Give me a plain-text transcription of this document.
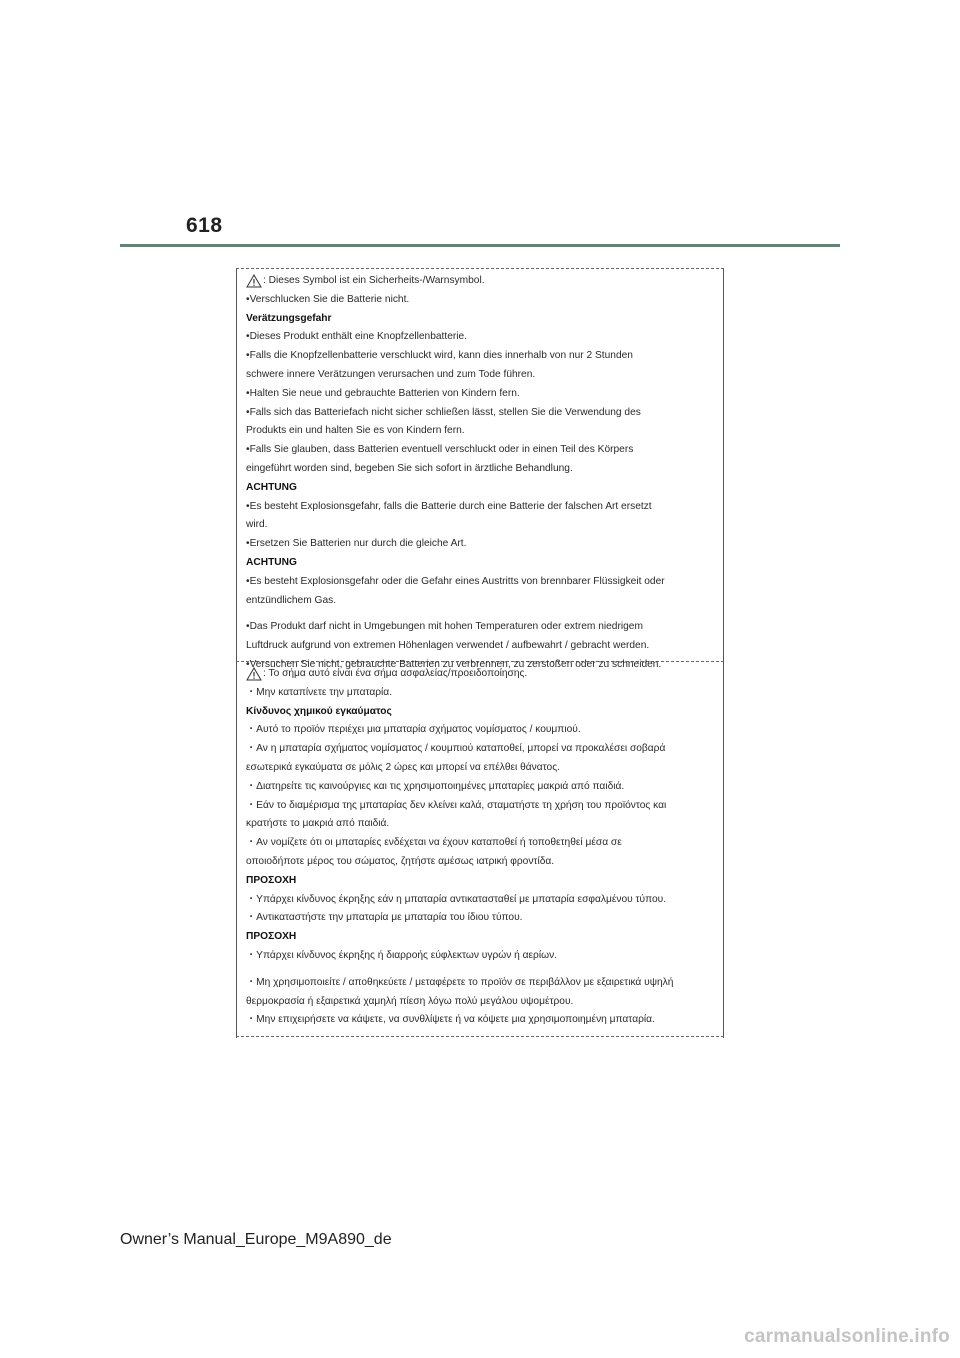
618
: Dieses Symbol ist ein Sicherheits-/Warnsymbol.
•Verschlucken Sie die Batterie nicht.
Verätzungsgefahr
•Dieses Produkt enthält eine Knopfzellenbatterie.
•Falls die Knopfzellenbatterie verschluckt wird, kann dies innerhalb von nur 2 Stunden
schwere innere Verätzungen verursachen und zum Tode führen.
•Halten Sie neue und gebrauchte Batterien von Kindern fern.
•Falls sich das Batteriefach nicht sicher schließen lässt, stellen Sie die Verwendung des
Produkts ein und halten Sie es von Kindern fern.
•Falls Sie glauben, dass Batterien eventuell verschluckt oder in einen Teil des Körpers
eingeführt worden sind, begeben Sie sich sofort in ärztliche Behandlung.
ACHTUNG
•Es besteht Explosionsgefahr, falls die Batterie durch eine Batterie der falschen Art ersetzt
wird.
•Ersetzen Sie Batterien nur durch die gleiche Art.
ACHTUNG
•Es besteht Explosionsgefahr oder die Gefahr eines Austritts von brennbarer Flüssigkeit oder
entzündlichem Gas.
•Das Produkt darf nicht in Umgebungen mit hohen Temperaturen oder extrem niedrigem
Luftdruck aufgrund von extremen Höhenlagen verwendet / aufbewahrt / gebracht werden.
•Versuchen Sie nicht, gebrauchte Batterien zu verbrennen, zu zerstoßen oder zu schneiden.
: Το σήμα αυτό είναι ένα σήμα ασφαλείας/προειδοποίησης.
・Μην καταπίνετε την μπαταρία.
Κίνδυνος χημικού εγκαύματος
・Αυτό το προϊόν περιέχει μια μπαταρία σχήματος νομίσματος / κουμπιού.
・Αν η μπαταρία σχήματος νομίσματος / κουμπιού καταποθεί, μπορεί να προκαλέσει σοβαρά
εσωτερικά εγκαύματα σε μόλις 2 ώρες και μπορεί να επέλθει θάνατος.
・Διατηρείτε τις καινούργιες και τις χρησιμοποιημένες μπαταρίες μακριά από παιδιά.
・Εάν το διαμέρισμα της μπαταρίας δεν κλείνει καλά, σταματήστε τη χρήση του προϊόντος και
κρατήστε το μακριά από παιδιά.
・Αν νομίζετε ότι οι μπαταρίες ενδέχεται να έχουν καταποθεί ή τοποθετηθεί μέσα σε
οποιοδήποτε μέρος του σώματος, ζητήστε αμέσως ιατρική φροντίδα.
ΠΡΟΣΟΧΗ
・Υπάρχει κίνδυνος έκρηξης εάν η μπαταρία αντικατασταθεί με μπαταρία εσφαλμένου τύπου.
・Αντικαταστήστε την μπαταρία με μπαταρία του ίδιου τύπου.
ΠΡΟΣΟΧΗ
・Υπάρχει κίνδυνος έκρηξης ή διαρροής εύφλεκτων υγρών ή αερίων.
・Μη χρησιμοποιείτε / αποθηκεύετε / μεταφέρετε το προϊόν σε περιβάλλον με εξαιρετικά υψηλή
θερμοκρασία ή εξαιρετικά χαμηλή πίεση λόγω πολύ μεγάλου υψομέτρου.
・Μην επιχειρήσετε να κάψετε, να συνθλίψετε ή να κόψετε μια χρησιμοποιημένη μπαταρία.
Owner’s Manual_Europe_M9A890_de
carmanualsonline.info
